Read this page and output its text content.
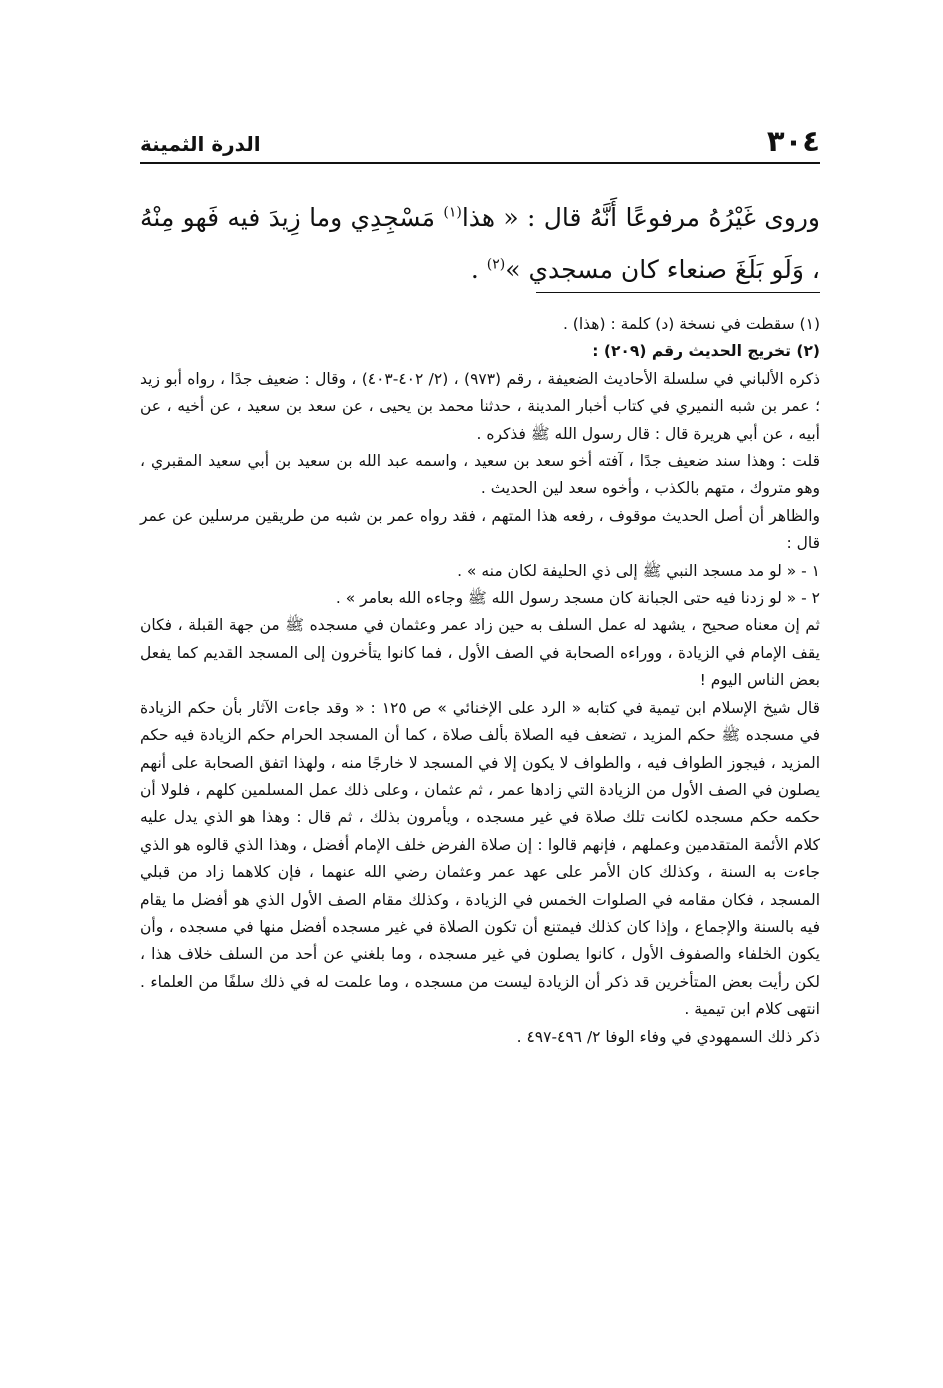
٣٠٤
الدرة الثمينة

وروى غَيْرُهُ مرفوعًا أَنَّهُ قال : « هذا$^{(١)}$ مَسْجِدِي وما زِيدَ فيه فَهو مِنْهُ ، وَلَو بَلَغَ صنعاء كان مسجدي »$^{(٢)}$ .

(١) سقطت في نسخة (د) كلمة : (هذا) .

(٢) تخريج الحديث رقم (٢٠٩) :

ذكره الألباني في سلسلة الأحاديث الضعيفة ، رقم (٩٧٣) ، (٢/ ٤٠٢-٤٠٣) ، وقال : ضعيف جدًا ، رواه أبو زيد ؛ عمر بن شبه النميري في كتاب أخبار المدينة ، حدثنا محمد بن يحيى ، عن سعد بن سعيد ، عن أخيه ، عن أبيه ، عن أبي هريرة قال : قال رسول الله ﷺ فذكره .

قلت : وهذا سند ضعيف جدًا ، آفته أخو سعد بن سعيد ، واسمه عبد الله بن سعيد بن أبي سعيد المقبري ، وهو متروك ، متهم بالكذب ، وأخوه سعد لين الحديث .

والظاهر أن أصل الحديث موقوف ، رفعه هذا المتهم ، فقد رواه عمر بن شبه من طريقين مرسلين عن عمر قال :

١ - « لو مد مسجد النبي ﷺ إلى ذي الحليفة لكان منه » .

٢ - « لو زدنا فيه حتى الجبانة كان مسجد رسول الله ﷺ وجاءه الله بعامر » .

ثم إن معناه صحيح ، يشهد له عمل السلف به حين زاد عمر وعثمان في مسجده ﷺ من جهة القبلة ، فكان يقف الإمام في الزيادة ، ووراءه الصحابة في الصف الأول ، فما كانوا يتأخرون إلى المسجد القديم كما يفعل بعض الناس اليوم !

قال شيخ الإسلام ابن تيمية في كتابه « الرد على الإخنائي » ص ١٢٥ : « وقد جاءت الآثار بأن حكم الزيادة في مسجده ﷺ حكم المزيد ، تضعف فيه الصلاة بألف صلاة ، كما أن المسجد الحرام حكم الزيادة فيه حكم المزيد ، فيجوز الطواف فيه ، والطواف لا يكون إلا في المسجد لا خارجًا منه ، ولهذا اتفق الصحابة على أنهم يصلون في الصف الأول من الزيادة التي زادها عمر ، ثم عثمان ، وعلى ذلك عمل المسلمين كلهم ، فلولا أن حكمه حكم مسجده لكانت تلك صلاة في غير مسجده ، ويأمرون بذلك ، ثم قال : وهذا هو الذي يدل عليه كلام الأئمة المتقدمين وعملهم ، فإنهم قالوا : إن صلاة الفرض خلف الإمام أفضل ، وهذا الذي قالوه هو الذي جاءت به السنة ، وكذلك كان الأمر على عهد عمر وعثمان رضي الله عنهما ، فإن كلاهما زاد من قبلي المسجد ، فكان مقامه في الصلوات الخمس في الزيادة ، وكذلك مقام الصف الأول الذي هو أفضل ما يقام فيه بالسنة والإجماع ، وإذا كان كذلك فيمتنع أن تكون الصلاة في غير مسجده أفضل منها في مسجده ، وأن يكون الخلفاء والصفوف الأول ، كانوا يصلون في غير مسجده ، وما بلغني عن أحد من السلف خلاف هذا ، لكن رأيت بعض المتأخرين قد ذكر أن الزيادة ليست من مسجده ، وما علمت له في ذلك سلفًا من العلماء . انتهى كلام ابن تيمية .

ذكر ذلك السمهودي في وفاء الوفا ٢/ ٤٩٦-٤٩٧ .
